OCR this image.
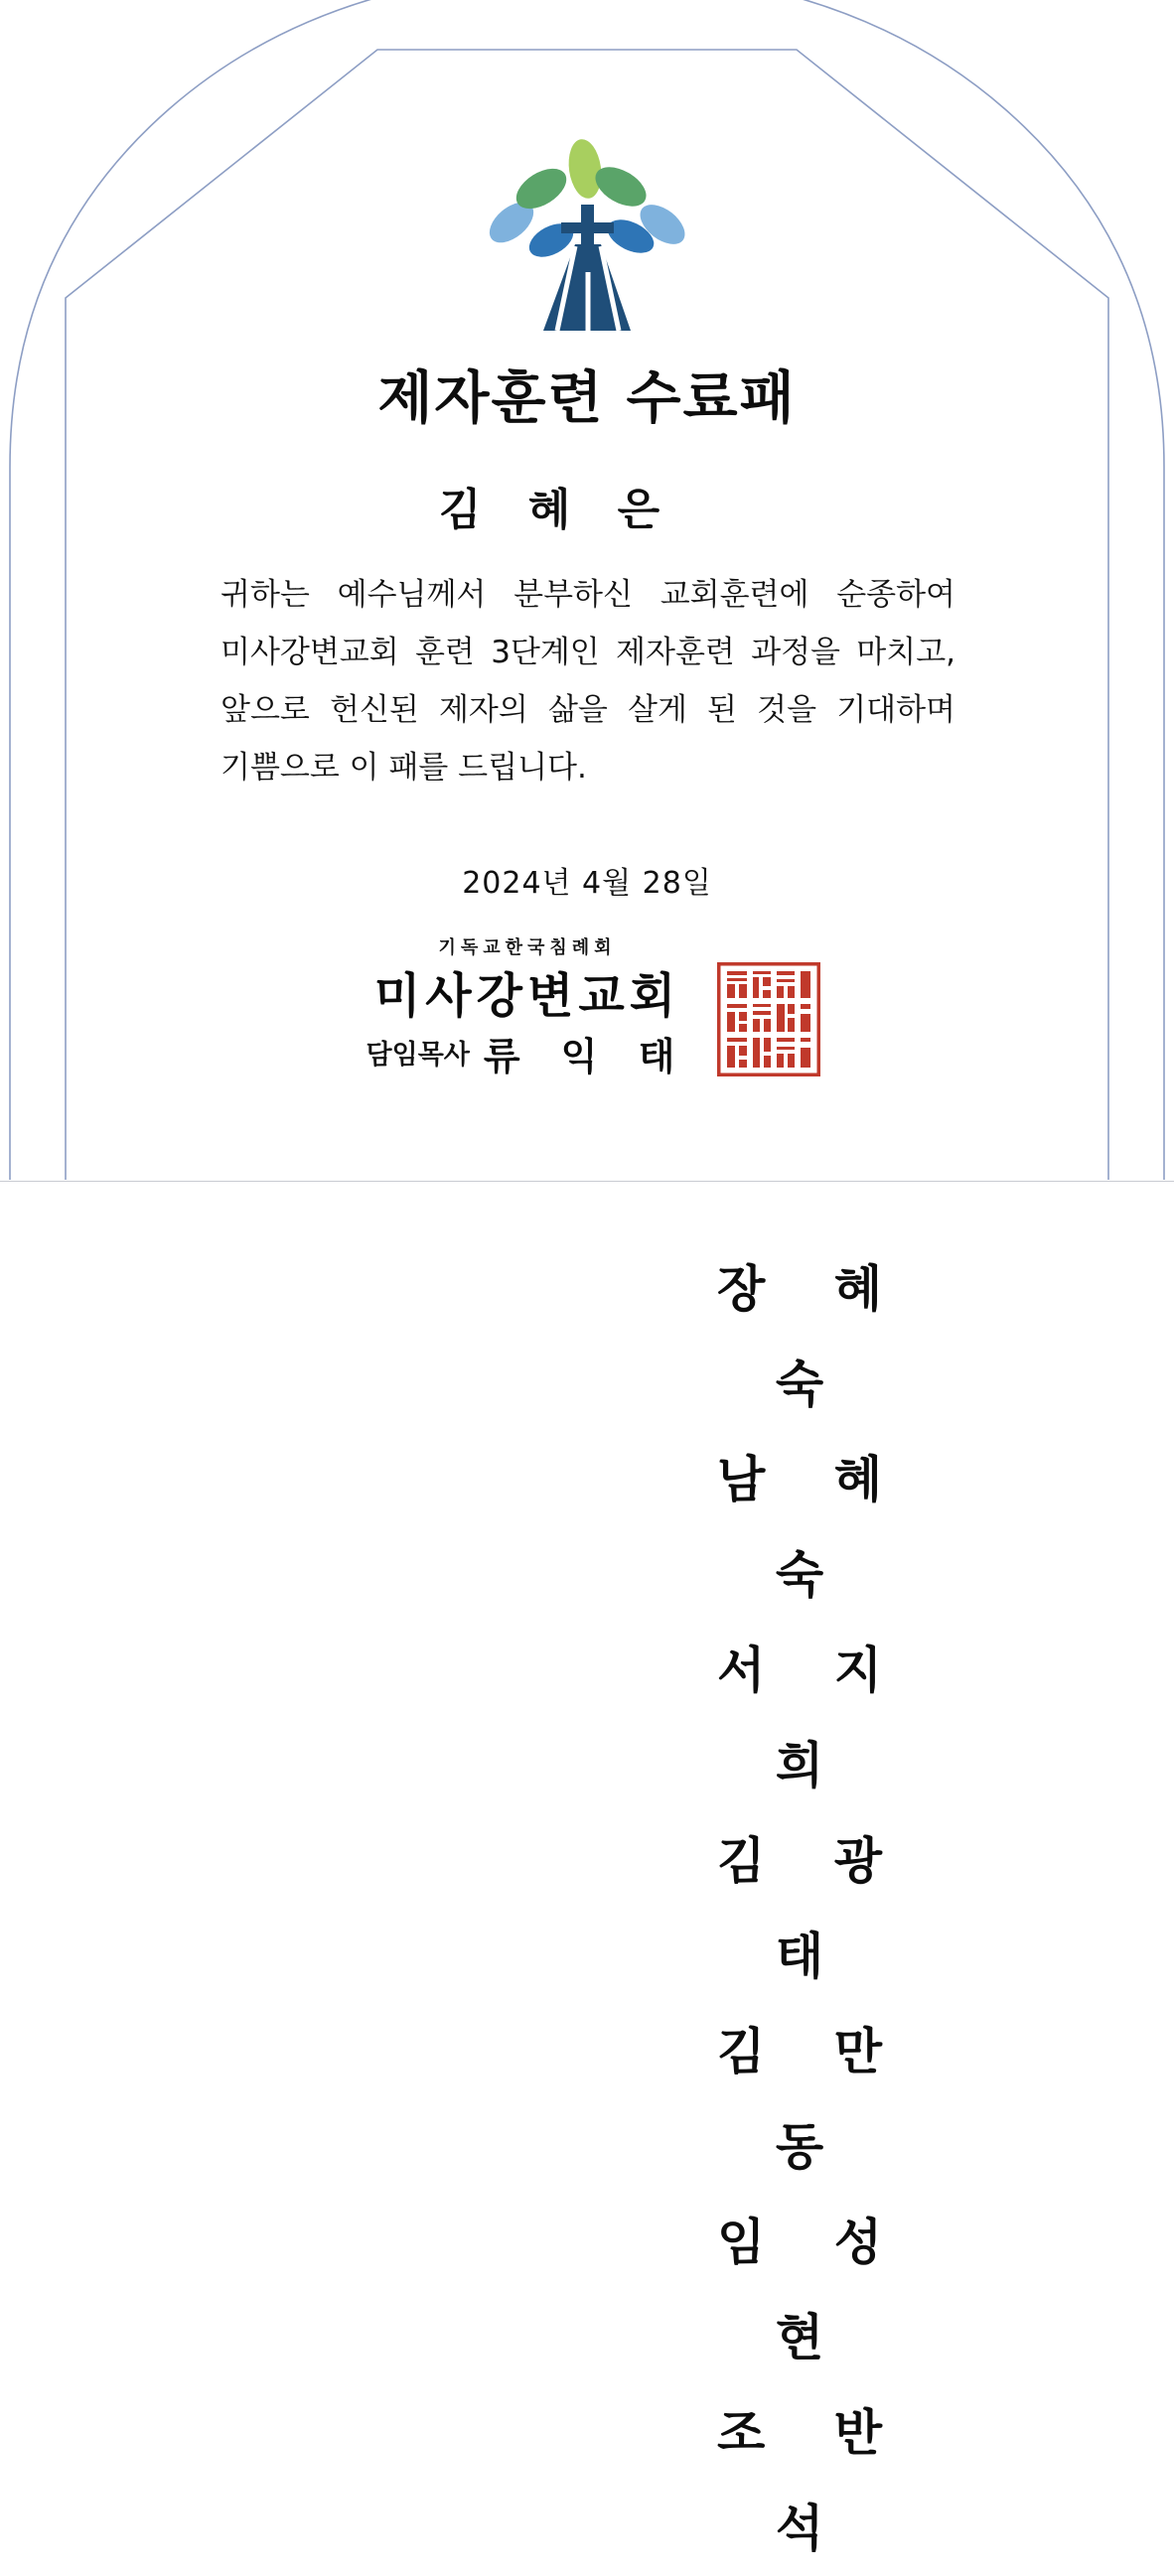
제자훈련 수료패
김 혜 은
귀하는 예수님께서 분부하신 교회훈련에 순종하여 미사강변교회 훈련 3단계인 제자훈련 과정을 마치고, 앞으로 헌신된 제자의 삶을 살게 된 것을 기대하며 기쁨으로 이 패를 드립니다.
2024년 4월 28일
기독교한국침례회
미사강변교회
담임목사 류 익 태
장 혜 숙
남 혜 숙
서 지 희
김 광 태
김 만 동
임 성 현
조 반 석
